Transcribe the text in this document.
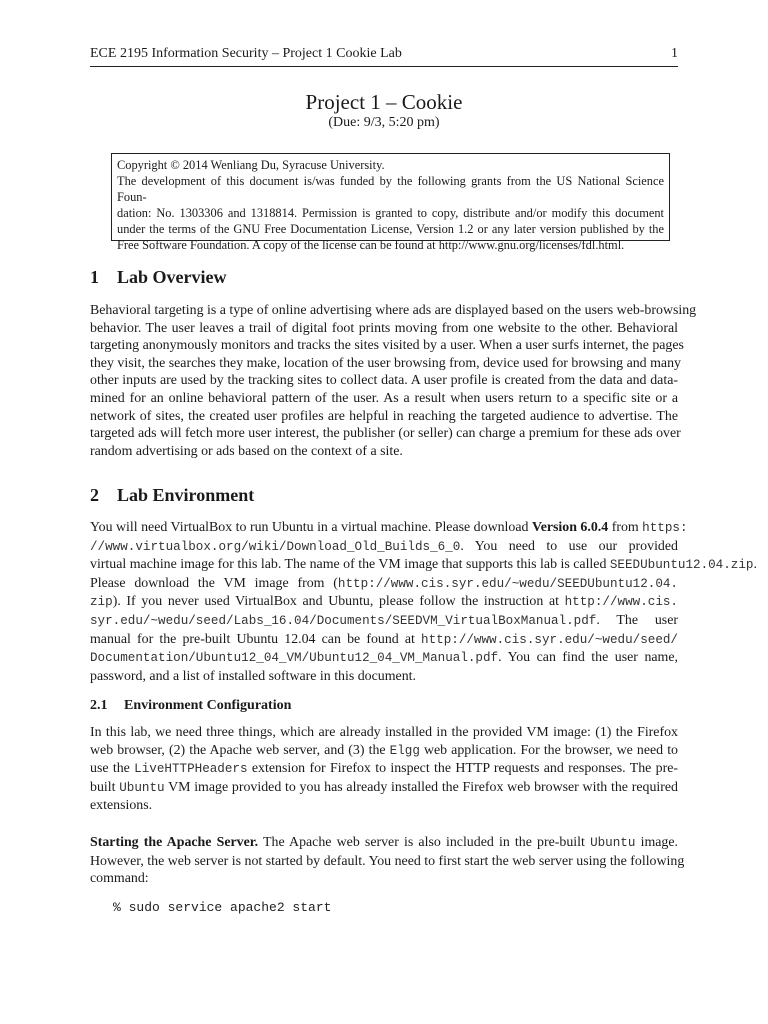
ECE 2195 Information Security – Project 1 Cookie Lab	1
Project 1 – Cookie
(Due: 9/3, 5:20 pm)
Copyright © 2014 Wenliang Du, Syracuse University.
The development of this document is/was funded by the following grants from the US National Science Foun-
dation: No. 1303306 and 1318814. Permission is granted to copy, distribute and/or modify this document
under the terms of the GNU Free Documentation License, Version 1.2 or any later version published by the
Free Software Foundation. A copy of the license can be found at http://www.gnu.org/licenses/fdl.html.
1 Lab Overview
Behavioral targeting is a type of online advertising where ads are displayed based on the users web-browsing
behavior. The user leaves a trail of digital foot prints moving from one website to the other. Behavioral
targeting anonymously monitors and tracks the sites visited by a user. When a user surfs internet, the pages
they visit, the searches they make, location of the user browsing from, device used for browsing and many
other inputs are used by the tracking sites to collect data. A user profile is created from the data and data-
mined for an online behavioral pattern of the user. As a result when users return to a specific site or a
network of sites, the created user profiles are helpful in reaching the targeted audience to advertise. The
targeted ads will fetch more user interest, the publisher (or seller) can charge a premium for these ads over
random advertising or ads based on the context of a site.
2 Lab Environment
You will need VirtualBox to run Ubuntu in a virtual machine. Please download Version 6.0.4 from https:
//www.virtualbox.org/wiki/Download_Old_Builds_6_0. You need to use our provided
virtual machine image for this lab. The name of the VM image that supports this lab is called SEEDUbuntu12.04.zip.
Please download the VM image from (http://www.cis.syr.edu/~wedu/SEEDUbuntu12.04.
zip). If you never used VirtualBox and Ubuntu, please follow the instruction at http://www.cis.
syr.edu/~wedu/seed/Labs_16.04/Documents/SEEDVM_VirtualBoxManual.pdf. The user
manual for the pre-built Ubuntu 12.04 can be found at http://www.cis.syr.edu/~wedu/seed/
Documentation/Ubuntu12_04_VM/Ubuntu12_04_VM_Manual.pdf. You can find the user name,
password, and a list of installed software in this document.
2.1 Environment Configuration
In this lab, we need three things, which are already installed in the provided VM image: (1) the Firefox
web browser, (2) the Apache web server, and (3) the Elgg web application. For the browser, we need to
use the LiveHTTPHeaders extension for Firefox to inspect the HTTP requests and responses. The pre-
built Ubuntu VM image provided to you has already installed the Firefox web browser with the required
extensions.
Starting the Apache Server. The Apache web server is also included in the pre-built Ubuntu image.
However, the web server is not started by default. You need to first start the web server using the following
command:
% sudo service apache2 start
